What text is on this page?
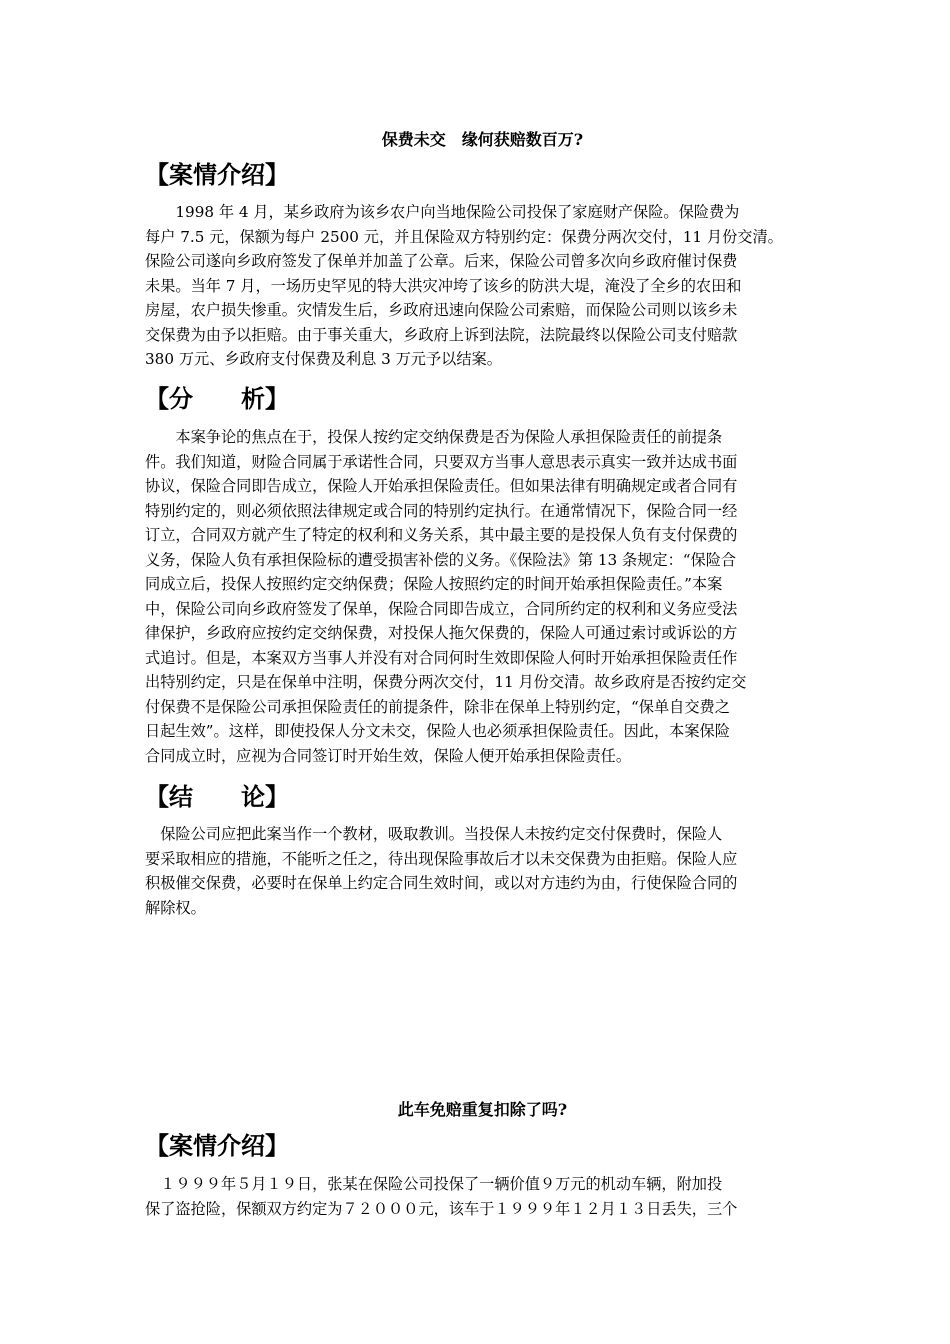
保费未交　缘何获赔数百万?
【案情介绍】
　　1998 年 4 月，某乡政府为该乡农户向当地保险公司投保了家庭财产保险。保险费为
每户 7.5 元，保额为每户 2500 元，并且保险双方特别约定：保费分两次交付，11 月份交清。
保险公司遂向乡政府签发了保单并加盖了公章。后来，保险公司曾多次向乡政府催讨保费
未果。当年 7 月，一场历史罕见的特大洪灾冲垮了该乡的防洪大堤，淹没了全乡的农田和
房屋，农户损失惨重。灾情发生后，乡政府迅速向保险公司索赔，而保险公司则以该乡未
交保费为由予以拒赔。由于事关重大，乡政府上诉到法院，法院最终以保险公司支付赔款
380 万元、乡政府支付保费及利息 3 万元予以结案。
【分　　析】
　　本案争论的焦点在于，投保人按约定交纳保费是否为保险人承担保险责任的前提条
件。我们知道，财险合同属于承诺性合同，只要双方当事人意思表示真实一致并达成书面
协议，保险合同即告成立，保险人开始承担保险责任。但如果法律有明确规定或者合同有
特别约定的，则必须依照法律规定或合同的特别约定执行。在通常情况下，保险合同一经
订立，合同双方就产生了特定的权利和义务关系，其中最主要的是投保人负有支付保费的
义务，保险人负有承担保险标的遭受损害补偿的义务。《保险法》第 13 条规定：“保险合
同成立后，投保人按照约定交纳保费；保险人按照约定的时间开始承担保险责任。”本案
中，保险公司向乡政府签发了保单，保险合同即告成立，合同所约定的权利和义务应受法
律保护，乡政府应按约定交纳保费，对投保人拖欠保费的，保险人可通过索讨或诉讼的方
式追讨。但是，本案双方当事人并没有对合同何时生效即保险人何时开始承担保险责任作
出特别约定，只是在保单中注明，保费分两次交付，11 月份交清。故乡政府是否按约定交
付保费不是保险公司承担保险责任的前提条件，除非在保单上特别约定，“保单自交费之
日起生效”。这样，即使投保人分文未交，保险人也必须承担保险责任。因此，本案保险
合同成立时，应视为合同签订时开始生效，保险人便开始承担保险责任。
【结　　论】
　保险公司应把此案当作一个教材，吸取教训。当投保人未按约定交付保费时，保险人
要采取相应的措施，不能听之任之，待出现保险事故后才以未交保费为由拒赔。保险人应
积极催交保费，必要时在保单上约定合同生效时间，或以对方违约为由，行使保险合同的
解除权。
此车免赔重复扣除了吗?
【案情介绍】
　１９９９年５月１９日，张某在保险公司投保了一辆价值９万元的机动车辆，附加投
保了盗抢险，保额双方约定为７２０００元，该车于１９９９年１２月１３日丢失，三个
